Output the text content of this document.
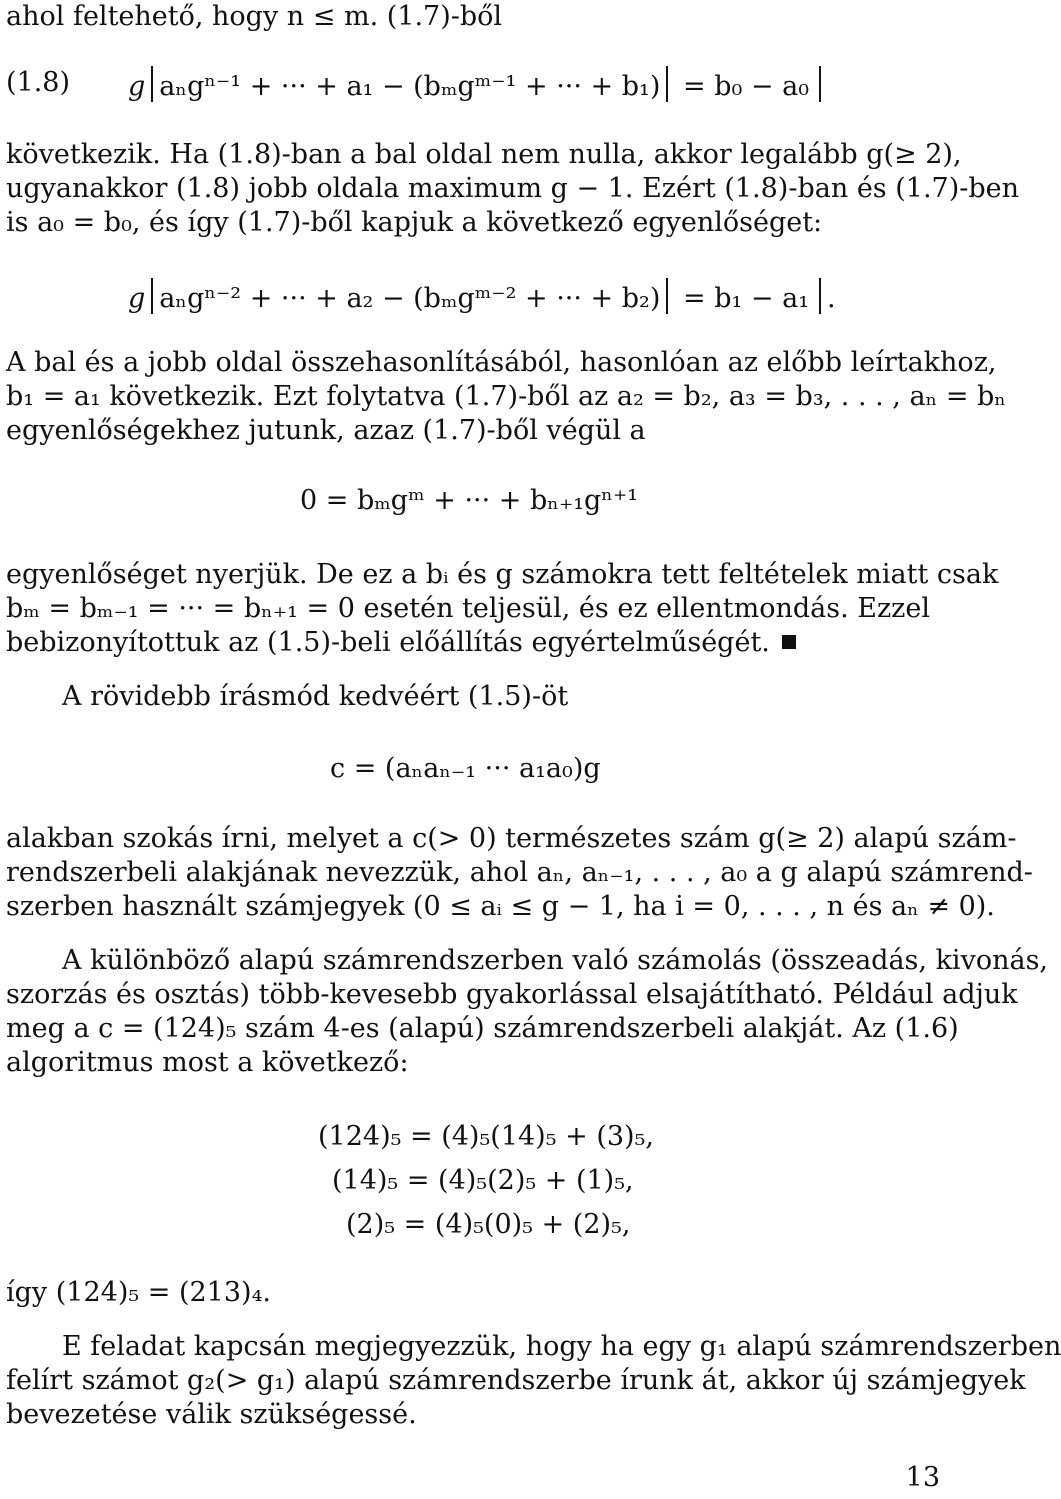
ahol feltehető, hogy n ≤ m. (1.7)-ből
(1.8) g aₙgⁿ⁻¹ + ··· + a₁ − (bₘgᵐ⁻¹ + ··· + b₁) = b₀ − a₀
következik. Ha (1.8)-ban a bal oldal nem nulla, akkor legalább g(≥ 2),
ugyanakkor (1.8) jobb oldala maximum g − 1. Ezért (1.8)-ban és (1.7)-ben
is a₀ = b₀, és így (1.7)-ből kapjuk a következő egyenlőséget:
g aₙgⁿ⁻² + ··· + a₂ − (bₘgᵐ⁻² + ··· + b₂) = b₁ − a₁ .
A bal és a jobb oldal összehasonlításából, hasonlóan az előbb leírtakhoz,
b₁ = a₁ következik. Ezt folytatva (1.7)-ből az a₂ = b₂, a₃ = b₃, . . . , aₙ = bₙ
egyenlőségekhez jutunk, azaz (1.7)-ből végül a
0 = bₘgᵐ + ··· + bₙ₊₁gⁿ⁺¹
egyenlőséget nyerjük. De ez a bᵢ és g számokra tett feltételek miatt csak
bₘ = bₘ₋₁ = ··· = bₙ₊₁ = 0 esetén teljesül, és ez ellentmondás. Ezzel
bebizonyítottuk az (1.5)-beli előállítás egyértelműségét.
A rövidebb írásmód kedvéért (1.5)-öt
c = (aₙaₙ₋₁ ··· a₁a₀)g
alakban szokás írni, melyet a c(> 0) természetes szám g(≥ 2) alapú szám-
rendszerbeli alakjának nevezzük, ahol aₙ, aₙ₋₁, . . . , a₀ a g alapú számrend-
szerben használt számjegyek (0 ≤ aᵢ ≤ g − 1, ha i = 0, . . . , n és aₙ ≠ 0).
A különböző alapú számrendszerben való számolás (összeadás, kivonás,
szorzás és osztás) több-kevesebb gyakorlással elsajátítható. Például adjuk
meg a c = (124)₅ szám 4-es (alapú) számrendszerbeli alakját. Az (1.6)
algoritmus most a következő:
(124)₅ = (4)₅(14)₅ + (3)₅,
(14)₅ = (4)₅(2)₅ + (1)₅,
(2)₅ = (4)₅(0)₅ + (2)₅,
így (124)₅ = (213)₄.
E feladat kapcsán megjegyezzük, hogy ha egy g₁ alapú számrendszerben
felírt számot g₂(> g₁) alapú számrendszerbe írunk át, akkor új számjegyek
bevezetése válik szükségessé.
13
